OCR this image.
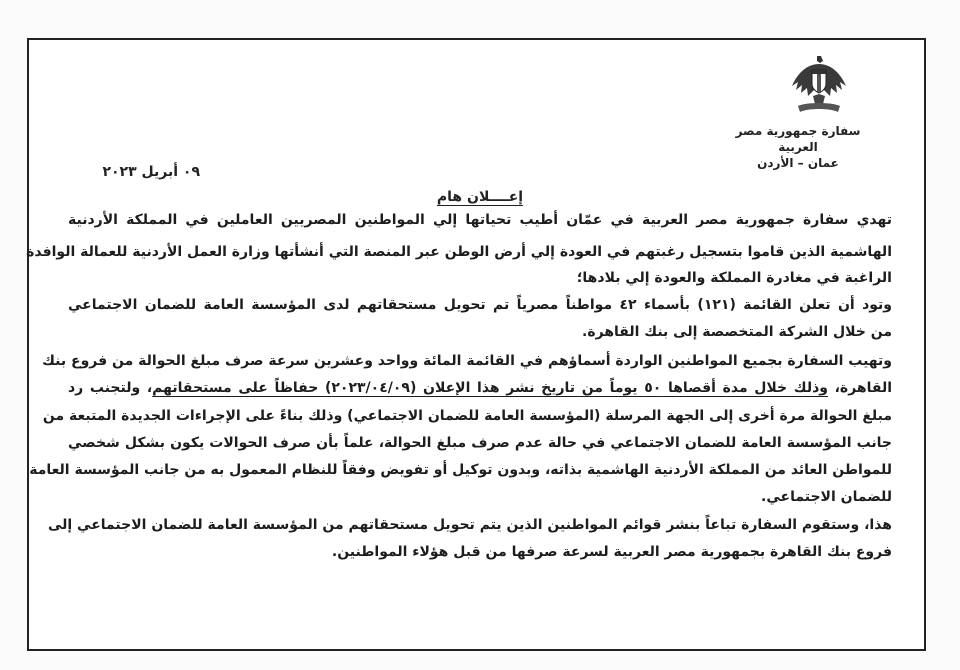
سفارة جمهورية مصر العربية
عمان – الأردن
٠٩ أبريل ٢٠٢٣
إعــــلان هام
تهدي سفارة جمهورية مصر العربية في عمّان أطيب تحياتها إلي المواطنين المصريين العاملين في المملكة الأردنية
الهاشمية الذين قاموا بتسجيل رغبتهم في العودة إلي أرض الوطن عبر المنصة التي أنشأتها وزارة العمل الأردنية للعمالة الوافدة
الراغبة في مغادرة المملكة والعودة إلي بلادها؛
وتود أن تعلن القائمة (١٢١) بأسماء ٤٢ مواطناً مصرياً تم تحويل مستحقاتهم لدى المؤسسة العامة للضمان الاجتماعي
من خلال الشركة المتخصصة إلى بنك القاهرة.
وتهيب السفارة بجميع المواطنين الواردة أسماؤهم في القائمة المائة وواحد وعشرين سرعة صرف مبلغ الحوالة من فروع بنك
القاهرة، وذلك خلال مدة أقصاها ٥٠ يوماً من تاريخ نشر هذا الإعلان (٢٠٢٣/٠٤/٠٩) حفاظاً على مستحقاتهم، ولتجنب رد
مبلغ الحوالة مرة أخرى إلى الجهة المرسلة (المؤسسة العامة للضمان الاجتماعي) وذلك بناءً على الإجراءات الجديدة المتبعة من
جانب المؤسسة العامة للضمان الاجتماعي في حالة عدم صرف مبلغ الحوالة، علماً بأن صرف الحوالات يكون بشكل شخصي
للمواطن العائد من المملكة الأردنية الهاشمية بذاته، وبدون توكيل أو تفويض وفقاً للنظام المعمول به من جانب المؤسسة العامة
للضمان الاجتماعي.
هذا، وستقوم السفارة تباعاً بنشر قوائم المواطنين الذين يتم تحويل مستحقاتهم من المؤسسة العامة للضمان الاجتماعي إلى
فروع بنك القاهرة بجمهورية مصر العربية لسرعة صرفها من قبل هؤلاء المواطنين.
